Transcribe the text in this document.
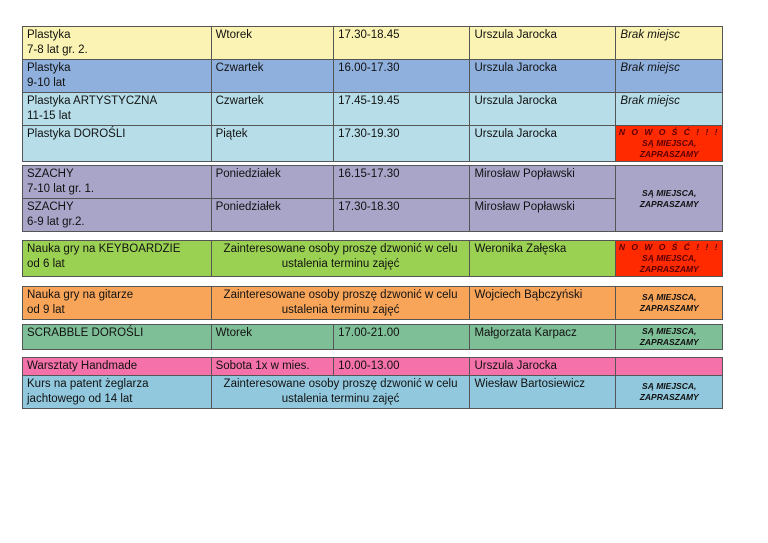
Plastyka
7-8 lat gr. 2.	Wtorek	17.30-18.45	Urszula Jarocka	Brak miejsc
Plastyka
9-10 lat	Czwartek	16.00-17.30	Urszula Jarocka	Brak miejsc
Plastyka ARTYSTYCZNA
11-15 lat	Czwartek	17.45-19.45	Urszula Jarocka	Brak miejsc
Plastyka DOROŚLI	Piątek	17.30-19.30	Urszula Jarocka	N O W O Ś Ć ! ! !
SĄ MIEJSCA,
ZAPRASZAMY
SZACHY
7-10 lat gr. 1.	Poniedziałek	16.15-17.30	Mirosław Popławski	SĄ MIEJSCA,
ZAPRASZAMY

SZACHY
6-9 lat gr.2.	Poniedziałek	17.30-18.30	Mirosław Popławski	
Nauka gry na KEYBOARDZIE
od 6 lat	Zainteresowane osoby proszę dzwonić w celu
ustalenia terminu zajęć	Weronika Załęska	N O W O Ś Ć ! ! !
SĄ MIEJSCA,
ZAPRASZAMY
Nauka gry na gitarze
od 9 lat	Zainteresowane osoby proszę dzwonić w celu
ustalenia terminu zajęć	Wojciech Bąbczyński	SĄ MIEJSCA,
ZAPRASZAMY
SCRABBLE DOROŚLI	Wtorek	17.00-21.00	Małgorzata Karpacz	SĄ MIEJSCA,
ZAPRASZAMY
Warsztaty Handmade	Sobota 1x w mies.	10.00-13.00	Urszula Jarocka	
Kurs na patent żeglarza
jachtowego od 14 lat	Zainteresowane osoby proszę dzwonić w celu
ustalenia terminu zajęć	Wiesław Bartosiewicz	SĄ MIEJSCA,
ZAPRASZAMY
